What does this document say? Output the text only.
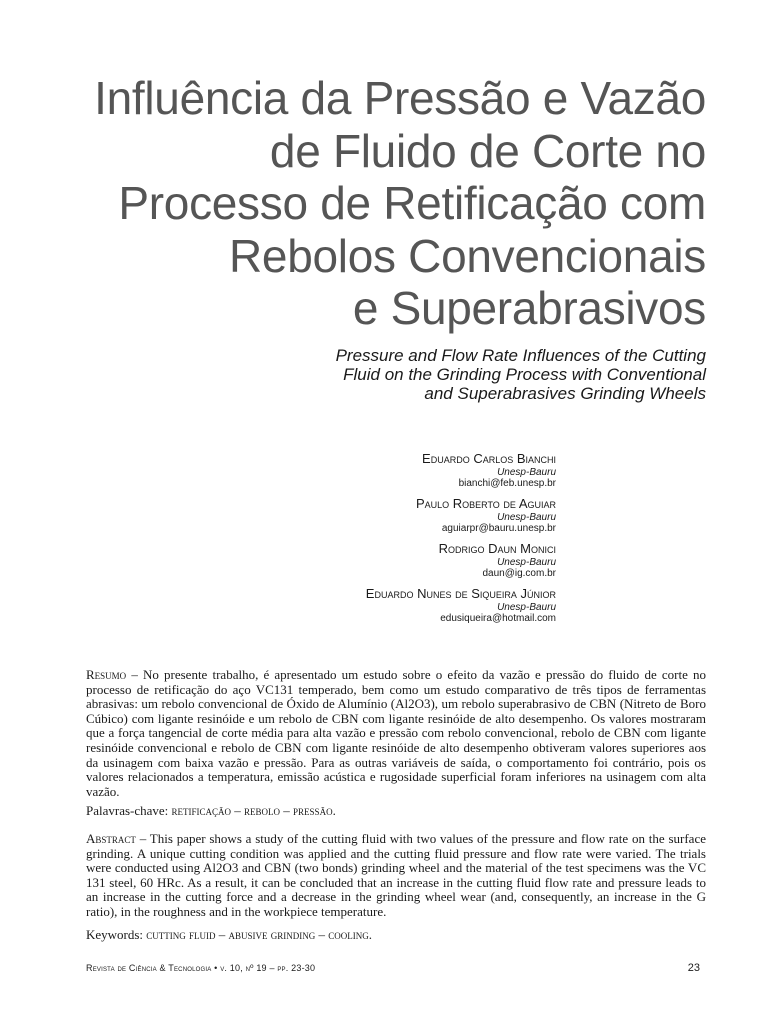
Influência da Pressão e Vazão
de Fluido de Corte no
Processo de Retificação com
Rebolos Convencionais
e Superabrasivos
Pressure and Flow Rate Influences of the Cutting
Fluid on the Grinding Process with Conventional
and Superabrasives Grinding Wheels
Eduardo Carlos Bianchi
Unesp-Bauru
bianchi@feb.unesp.br
Paulo Roberto de Aguiar
Unesp-Bauru
aguiarpr@bauru.unesp.br
Rodrigo Daun Monici
Unesp-Bauru
daun@ig.com.br
Eduardo Nunes de Siqueira Júnior
Unesp-Bauru
edusiqueira@hotmail.com
Resumo – No presente trabalho, é apresentado um estudo sobre o efeito da vazão e pressão do fluido de corte no processo de retificação do aço VC131 temperado, bem como um estudo comparativo de três tipos de ferramentas abrasivas: um rebolo convencional de Óxido de Alumínio (Al2O3), um rebolo superabrasivo de CBN (Nitreto de Boro Cúbico) com ligante resinóide e um rebolo de CBN com ligante resinóide de alto desempenho. Os valores mostraram que a força tangencial de corte média para alta vazão e pressão com rebolo convencional, rebolo de CBN com ligante resinóide convencional e rebolo de CBN com ligante resinóide de alto desempenho obtiveram valores superiores aos da usinagem com baixa vazão e pressão. Para as outras variáveis de saída, o comportamento foi contrário, pois os valores relacionados a temperatura, emissão acústica e rugosidade superficial foram inferiores na usinagem com alta vazão.
Palavras-chave: retificação – rebolo – pressão.
Abstract – This paper shows a study of the cutting fluid with two values of the pressure and flow rate on the surface grinding. A unique cutting condition was applied and the cutting fluid pressure and flow rate were varied. The trials were conducted using Al2O3 and CBN (two bonds) grinding wheel and the material of the test specimens was the VC 131 steel, 60 HRc. As a result, it can be concluded that an increase in the cutting fluid flow rate and pressure leads to an increase in the cutting force and a decrease in the grinding wheel wear (and, consequently, an increase in the G ratio), in the roughness and in the workpiece temperature.
Keywords: cutting fluid – abusive grinding – cooling.
Revista de Ciência & Tecnologia • v. 10, nº 19 – pp. 23-30	23
